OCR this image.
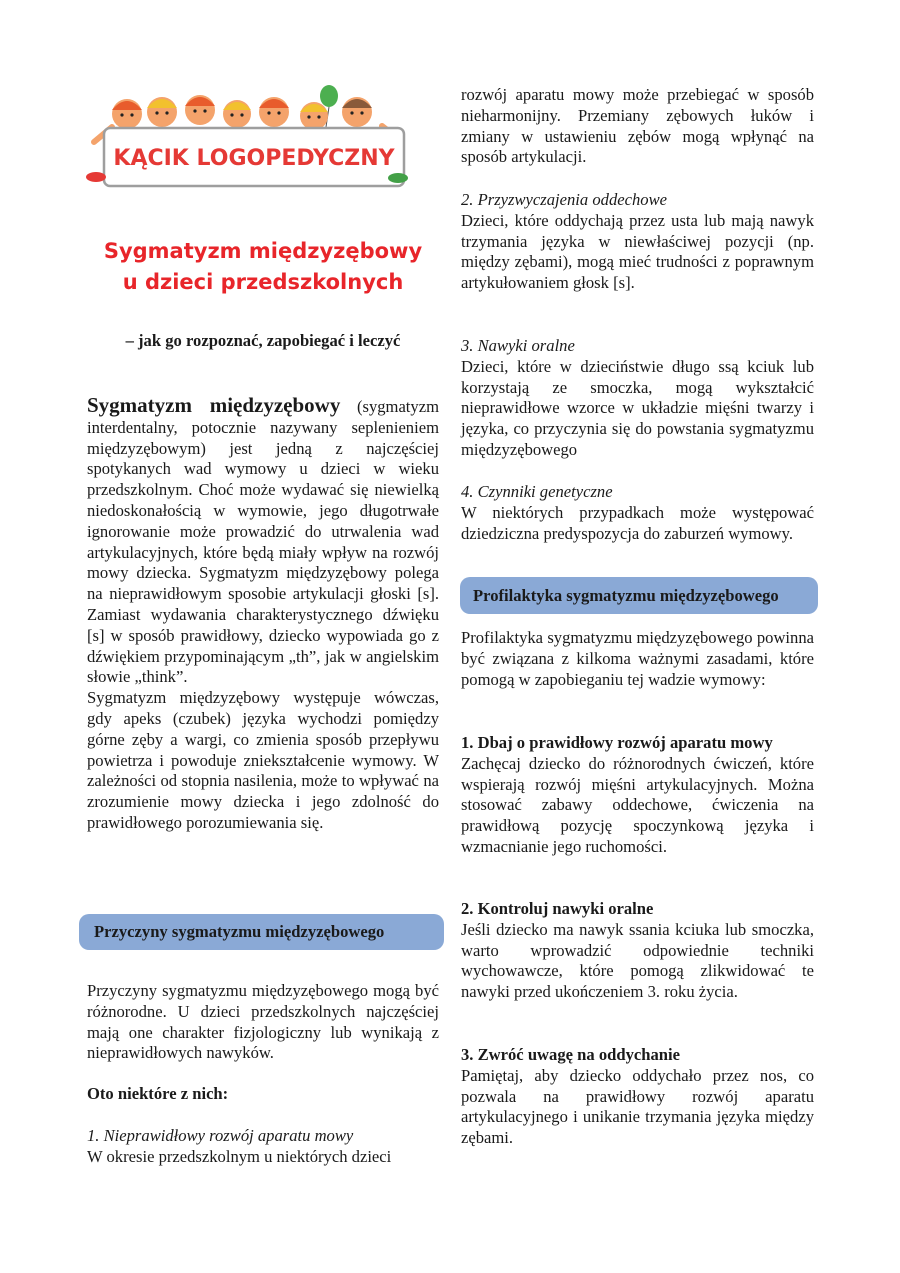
KĄCIK LOGOPEDYCZNY
Sygmatyzm międzyzębowy
u dzieci przedszkolnych
– jak go rozpoznać, zapobiegać i leczyć

Sygmatyzm międzyzębowy (sygmatyzm interdentalny, potocznie nazywany seplenieniem międzyzębowym) jest jedną z najczęściej spotykanych wad wymowy u dzieci w wieku przedszkolnym. Choć może wydawać się niewielką niedoskonałością w wymowie, jego długotrwałe ignorowanie może prowadzić do utrwalenia wad artykulacyjnych, które będą miały wpływ na rozwój mowy dziecka. Sygmatyzm międzyzębowy polega na nieprawidłowym sposobie artykulacji głoski [s]. Zamiast wydawania charakterystycznego dźwięku [s] w sposób prawidłowy, dziecko wypowiada go z dźwiękiem przypominającym „th”, jak w angielskim słowie „think”.

Sygmatyzm międzyzębowy występuje wówczas, gdy apeks (czubek) języka wychodzi pomiędzy górne zęby a wargi, co zmienia sposób przepływu powietrza i powoduje zniekształcenie wymowy. W zależności od stopnia nasilenia, może to wpływać na zrozumienie mowy dziecka i jego zdolność do prawidłowego porozumiewania się.

Przyczyny sygmatyzmu międzyzębowego

Przyczyny sygmatyzmu międzyzębowego mogą być różnorodne. U dzieci przedszkolnych najczęściej mają one charakter fizjologiczny lub wynikają z nieprawidłowych nawyków.

Oto niektóre z nich:

1. Nieprawidłowy rozwój aparatu mowy

W okresie przedszkolnym u niektórych dzieci

rozwój aparatu mowy może przebiegać w sposób nieharmonijny. Przemiany zębowych łuków i zmiany w ustawieniu zębów mogą wpłynąć na sposób artykulacji.

2. Przyzwyczajenia oddechowe

Dzieci, które oddychają przez usta lub mają nawyk trzymania języka w niewłaściwej pozycji (np. między zębami), mogą mieć trudności z poprawnym artykułowaniem głosk [s].

3. Nawyki oralne

Dzieci, które w dzieciństwie długo ssą kciuk lub korzystają ze smoczka, mogą wykształcić nieprawidłowe wzorce w układzie mięśni twarzy i języka, co przyczynia się do powstania sygmatyzmu międzyzębowego

4. Czynniki genetyczne

W niektórych przypadkach może występować dziedziczna predyspozycja do zaburzeń wymowy.

Profilaktyka sygmatyzmu międzyzębowego

Profilaktyka sygmatyzmu międzyzębowego powinna być związana z kilkoma ważnymi zasadami, które pomogą w zapobieganiu tej wadzie wymowy:

1. Dbaj o prawidłowy rozwój aparatu mowy

Zachęcaj dziecko do różnorodnych ćwiczeń, które wspierają rozwój mięśni artykulacyjnych. Można stosować zabawy oddechowe, ćwiczenia na prawidłową pozycję spoczynkową języka i wzmacnianie jego ruchomości.

2. Kontroluj nawyki oralne

Jeśli dziecko ma nawyk ssania kciuka lub smoczka, warto wprowadzić odpowiednie techniki wychowawcze, które pomogą zlikwidować te nawyki przed ukończeniem 3. roku życia.

3. Zwróć uwagę na oddychanie

Pamiętaj, aby dziecko oddychało przez nos, co pozwala na prawidłowy rozwój aparatu artykulacyjnego i unikanie trzymania języka między zębami.
